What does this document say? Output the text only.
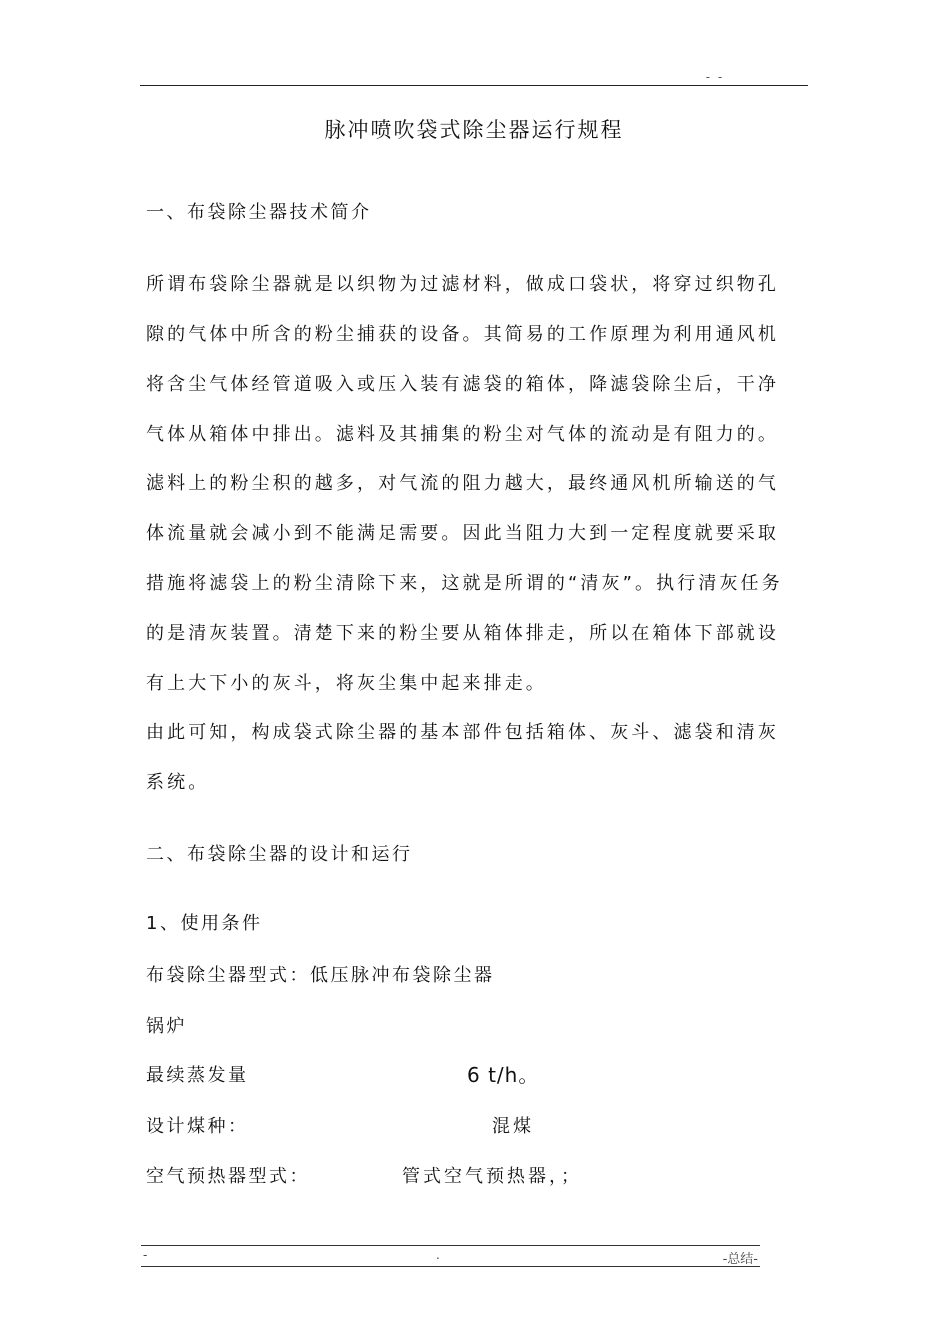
- -
脉冲喷吹袋式除尘器运行规程
一、布袋除尘器技术简介
所谓布袋除尘器就是以织物为过滤材料，做成口袋状，将穿过织物孔
隙的气体中所含的粉尘捕获的设备。其简易的工作原理为利用通风机
将含尘气体经管道吸入或压入装有滤袋的箱体，降滤袋除尘后，干净
气体从箱体中排出。滤料及其捕集的粉尘对气体的流动是有阻力的。
滤料上的粉尘积的越多，对气流的阻力越大，最终通风机所输送的气
体流量就会减小到不能满足需要。因此当阻力大到一定程度就要采取
措施将滤袋上的粉尘清除下来，这就是所谓的“清灰”。执行清灰任务
的是清灰装置。清楚下来的粉尘要从箱体排走，所以在箱体下部就设
有上大下小的灰斗，将灰尘集中起来排走。
由此可知，构成袋式除尘器的基本部件包括箱体、灰斗、滤袋和清灰
系统。
二、布袋除尘器的设计和运行
1、使用条件
布袋除尘器型式：低压脉冲布袋除尘器
锅炉
最续蒸发量	6 t/h。
设计煤种：	混煤
空气预热器型式：	管式空气预热器，；
-	.	-总结-
